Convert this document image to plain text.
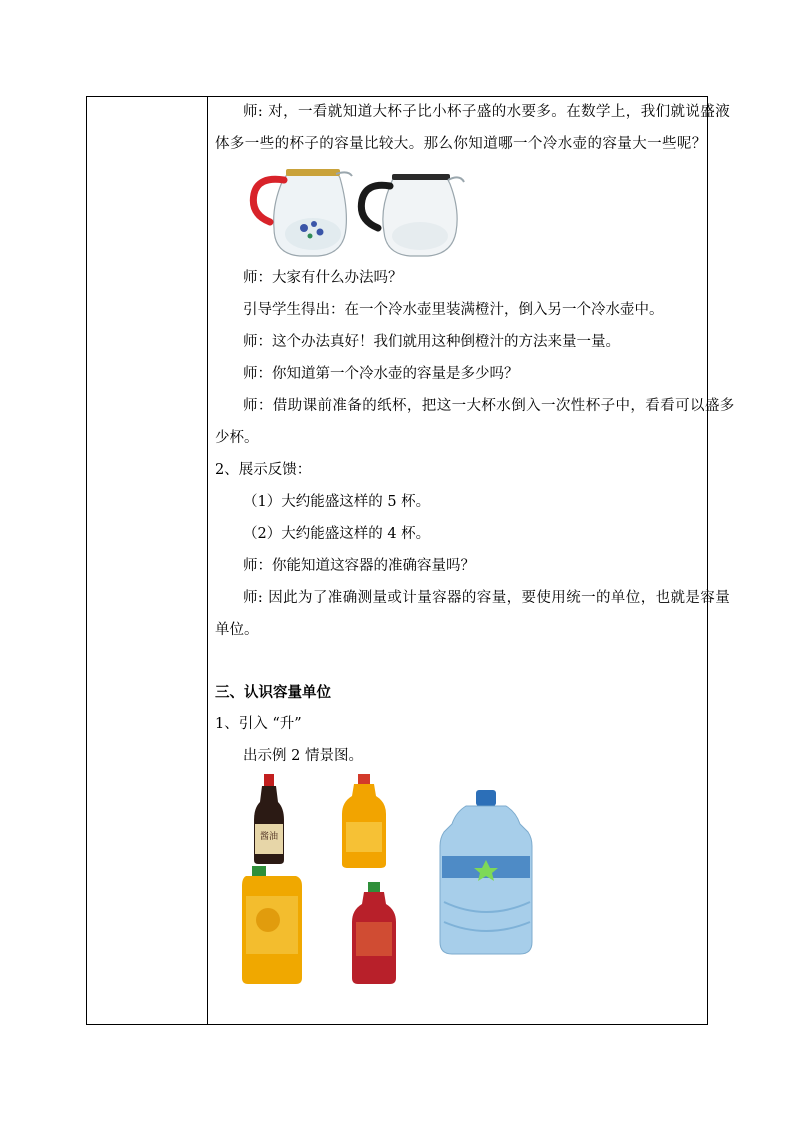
师: 对，一看就知道大杯子比小杯子盛的水要多。在数学上，我们就说盛液
体多一些的杯子的容量比较大。那么你知道哪一个冷水壶的容量大一些呢？
师：大家有什么办法吗？
引导学生得出：在一个冷水壶里装满橙汁，倒入另一个冷水壶中。
师：这个办法真好！我们就用这种倒橙汁的方法来量一量。
师：你知道第一个冷水壶的容量是多少吗？
师：借助课前准备的纸杯，把这一大杯水倒入一次性杯子中，看看可以盛多
少杯。
2、展示反馈：
（1）大约能盛这样的 5 杯。
（2）大约能盛这样的 4 杯。
师：你能知道这容器的准确容量吗？
师: 因此为了准确测量或计量容器的容量，要使用统一的单位，也就是容量
单位。
三、认识容量单位
1、引入 “升”
出示例 2 情景图。
酱油
